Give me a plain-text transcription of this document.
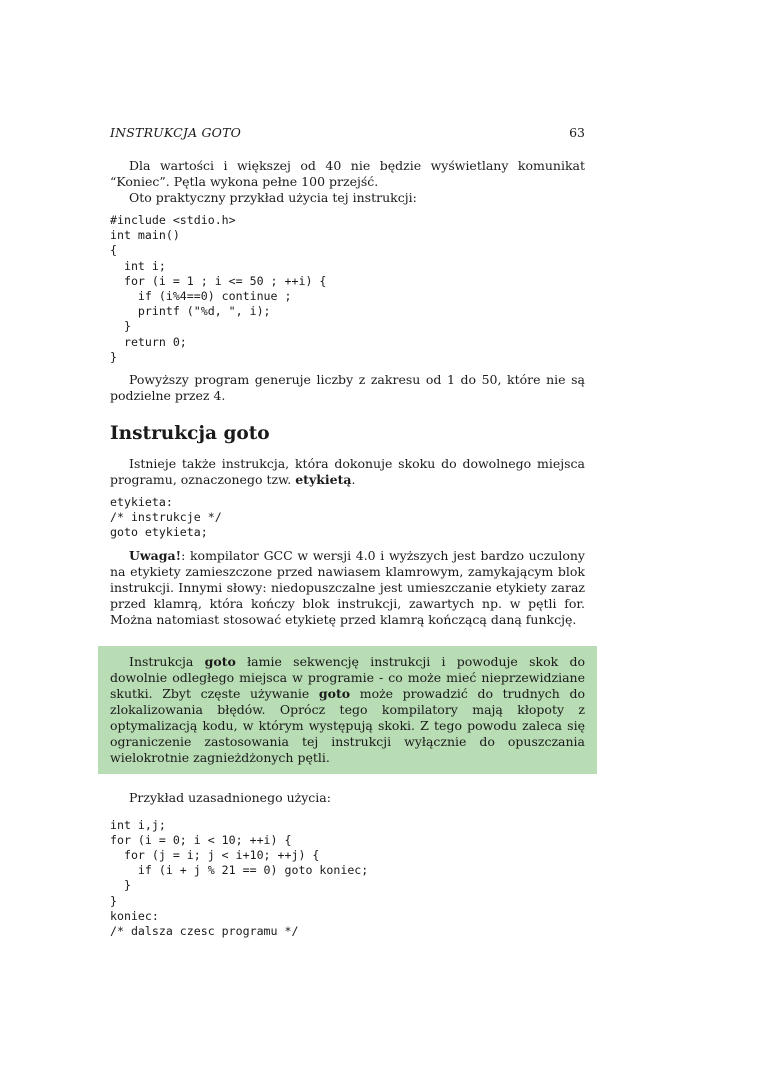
INSTRUKCJA GOTO	63

Dla wartości i większej od 40 nie będzie wyświetlany komunikat “Koniec”. Pętla wykona pełne 100 przejść.

Oto praktyczny przykład użycia tej instrukcji:

#include <stdio.h>
int main()
{
int i;
for (i = 1 ; i <= 50 ; ++i) {
if (i%4==0) continue ;
printf ("%d, ", i);
}
return 0;
}

Powyższy program generuje liczby z zakresu od 1 do 50, które nie są podzielne przez 4.

Instrukcja goto

Istnieje także instrukcja, która dokonuje skoku do dowolnego miejsca programu, oznaczonego tzw. etykietą.

etykieta:
/* instrukcje */
goto etykieta;

Uwaga!: kompilator GCC w wersji 4.0 i wyższych jest bardzo uczulony na etykiety zamieszczone przed nawiasem klamrowym, zamykającym blok instrukcji. Innymi słowy: niedopuszczalne jest umieszczanie etykiety zaraz przed klamrą, która kończy blok instrukcji, zawartych np. w pętli for. Można natomiast stosować etykietę przed klamrą kończącą daną funkcję.

Instrukcja goto łamie sekwencję instrukcji i powoduje skok do dowolnie odległego miejsca w programie - co może mieć nieprzewidziane skutki. Zbyt częste używanie goto może prowadzić do trudnych do zlokalizowania błędów. Oprócz tego kompilatory mają kłopoty z optymalizacją kodu, w którym występują skoki. Z tego powodu zaleca się ograniczenie zastosowania tej instrukcji wyłącznie do opuszczania wielokrotnie zagnieżdżonych pętli.

Przykład uzasadnionego użycia:

int i,j;
for (i = 0; i < 10; ++i) {
for (j = i; j < i+10; ++j) {
if (i + j % 21 == 0) goto koniec;
}
}
koniec:
/* dalsza czesc programu */
